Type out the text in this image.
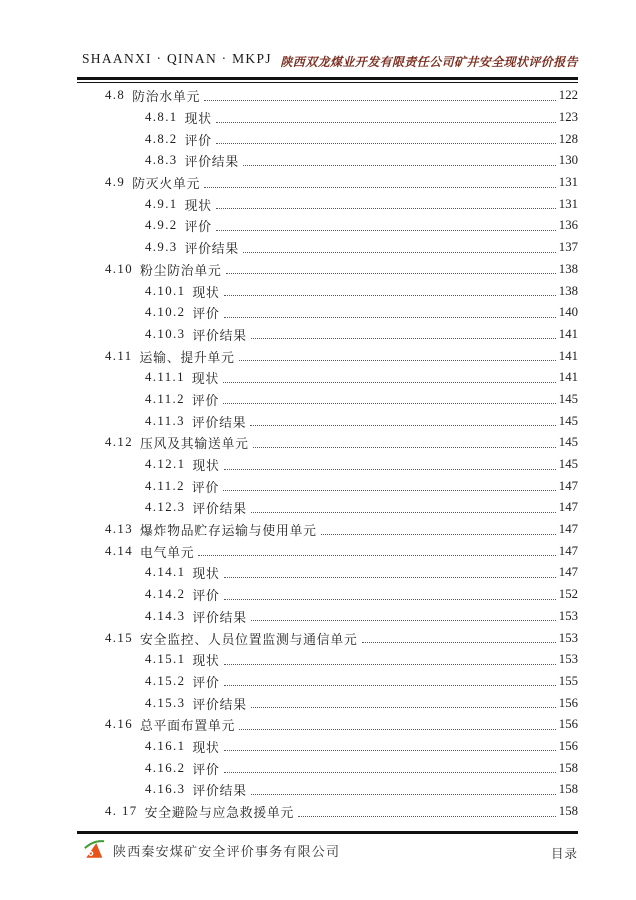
SHAANXI · QINAN · MKPJ 陕西双龙煤业开发有限责任公司矿井安全现状评价报告
4.8 防治水单元	122
4.8.1 现状	123
4.8.2 评价	128
4.8.3 评价结果	130
4.9 防灭火单元	131
4.9.1 现状	131
4.9.2 评价	136
4.9.3 评价结果	137
4.10 粉尘防治单元	138
4.10.1 现状	138
4.10.2 评价	140
4.10.3 评价结果	141
4.11 运输、提升单元	141
4.11.1 现状	141
4.11.2 评价	145
4.11.3 评价结果	145
4.12 压风及其输送单元	145
4.12.1 现状	145
4.11.2 评价	147
4.12.3 评价结果	147
4.13 爆炸物品贮存运输与使用单元	147
4.14 电气单元	147
4.14.1 现状	147
4.14.2 评价	152
4.14.3 评价结果	153
4.15 安全监控、人员位置监测与通信单元	153
4.15.1 现状	153
4.15.2 评价	155
4.15.3 评价结果	156
4.16 总平面布置单元	156
4.16.1 现状	156
4.16.2 评价	158
4.16.3 评价结果	158
4. 17 安全避险与应急救援单元	158
陕西秦安煤矿安全评价事务有限公司	目录
